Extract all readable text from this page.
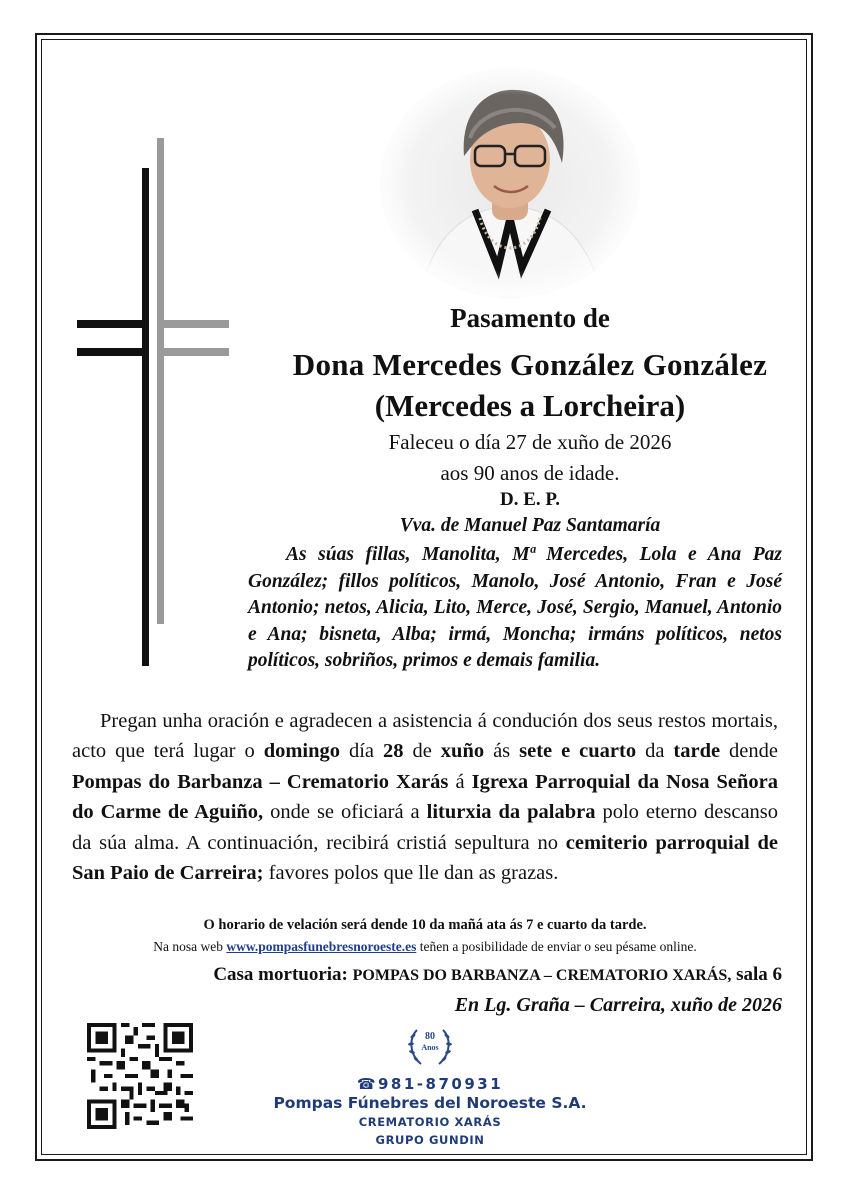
Pasamento de
Dona Mercedes González González
(Mercedes a Lorcheira)
Faleceu o día 27 de xuño de 2026
aos 90 anos de idade.
D. E. P.
Vva. de Manuel Paz Santamaría
As súas fillas, Manolita, Mª Mercedes, Lola e Ana Paz González; fillos políticos, Manolo, José Antonio, Fran e José Antonio; netos, Alicia, Lito, Merce, José, Sergio, Manuel, Antonio e Ana; bisneta, Alba; irmá, Moncha; irmáns políticos, netos políticos, sobriños, primos e demais familia.
Pregan unha oración e agradecen a asistencia á condución dos seus restos mortais, acto que terá lugar o domingo día 28 de xuño ás sete e cuarto da tarde dende Pompas do Barbanza – Crematorio Xarás á Igrexa Parroquial da Nosa Señora do Carme de Aguiño, onde se oficiará a liturxia da palabra polo eterno descanso da súa alma. A continuación, recibirá cristiá sepultura no cemiterio parroquial de San Paio de Carreira; favores polos que lle dan as grazas.
O horario de velación será dende 10 da mañá ata ás 7 e cuarto da tarde.
Na nosa web www.pompasfunebresnoroeste.es teñen a posibilidade de enviar o seu pésame online.
Casa mortuoria: POMPAS DO BARBANZA – CREMATORIO XARÁS, sala 6
En Lg. Graña – Carreira, xuño de 2026
80
Anos
☎981-870931
Pompas Fúnebres del Noroeste S.A.
CREMATORIO XARÁS
GRUPO GUNDIN
